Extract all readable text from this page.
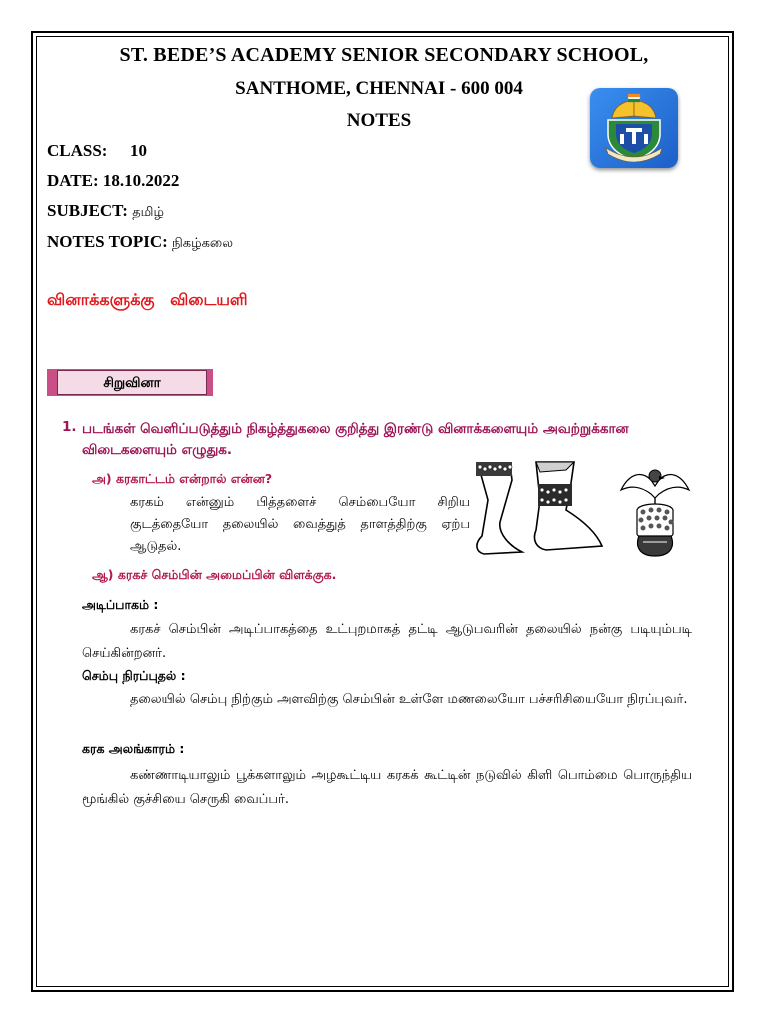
ST. BEDE’S ACADEMY SENIOR SECONDARY SCHOOL,
SANTHOME, CHENNAI - 600 004
NOTES
CLASS: 10
DATE: 18.10.2022
SUBJECT: தமிழ்
NOTES TOPIC: நிகழ்கலை
வினாக்களுக்கு விடையளி
சிறுவினா
1. படங்கள் வெளிப்படுத்தும் நிகழ்த்துகலை குறித்து இரண்டு வினாக்களையும் அவற்றுக்கான விடைகளையும் எழுதுக.
அ) கரகாட்டம் என்றால் என்ன?
கரகம் என்னும் பித்தளைச் செம்பையோ சிறிய குடத்தையோ தலையில் வைத்துத் தாளத்திற்கு ஏற்ப ஆடுதல்.
ஆ) கரகச் செம்பின் அமைப்பின் விளக்குக.
அடிப்பாகம் :
கரகச் செம்பின் அடிப்பாகத்தை உட்புறமாகத் தட்டி ஆடுபவரின் தலையில் நன்கு படியும்படி செய்கின்றனர்.
செம்பு நிரப்புதல் :
தலையில் செம்பு நிற்கும் அளவிற்கு செம்பின் உள்ளே மணலையோ பச்சரிசியையோ நிரப்புவர்.
கரக அலங்காரம் :
கண்ணாடியாலும் பூக்களாலும் அழகூட்டிய கரகக் கூட்டின் நடுவில் கிளி பொம்மை பொருந்திய மூங்கில் குச்சியை செருகி வைப்பர்.
